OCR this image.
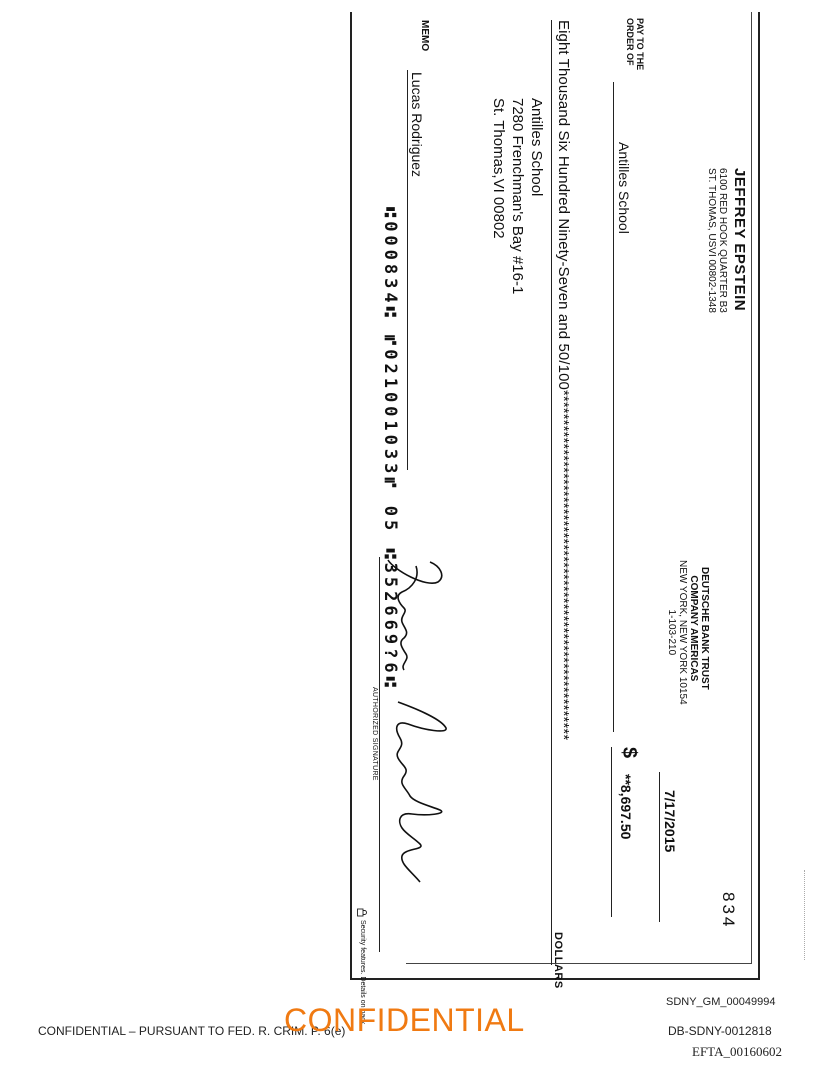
JEFFREY EPSTEIN
6100 RED HOOK QUARTER B3
ST. THOMAS, USVI 00802-1348
DEUTSCHE BANK TRUST
COMPANY AMERICAS
NEW YORK, NEW YORK 10154
1-103-210
834
7/17/2015
PAY TO THE
ORDER OF
Antilles School
$
**8,697.50
Eight Thousand Six Hundred Ninety-Seven and 50/100***********************************************************
DOLLARS
Antilles School
7280 Frenchman's Bay #16-1
St. Thomas,VI 00802
MEMO
Lucas Rodriguez
AUTHORIZED SIGNATURE
Security features. Details on back.
⑆000834⑆ ⑈021001033⑈ 05 ⑆352669?6⑆
CONFIDENTIAL – PURSUANT TO FED. R. CRIM. P. 6(e)
CONFIDENTIAL	SDNY_GM_00049994
DB-SDNY-0012818
EFTA_00160602
